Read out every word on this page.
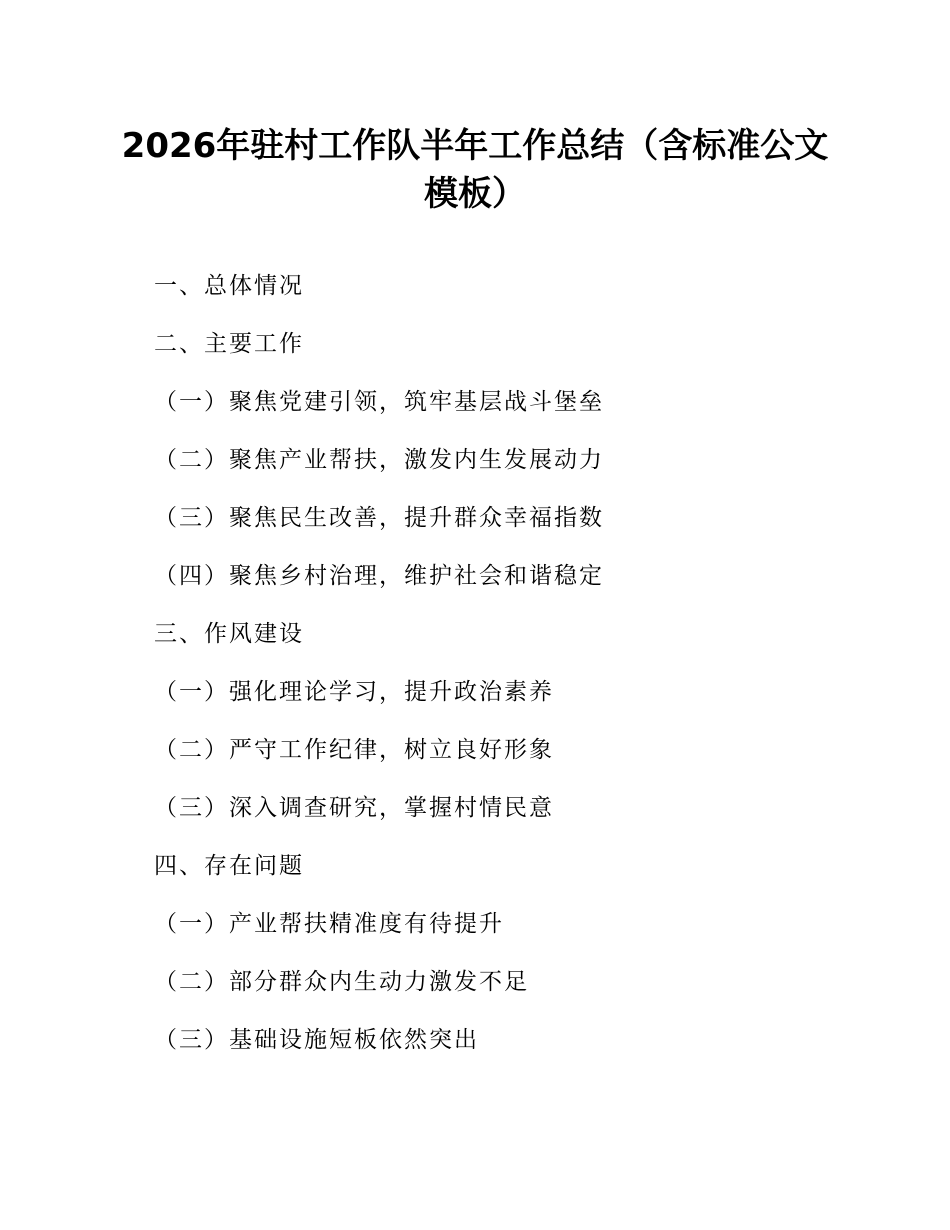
2026年驻村工作队半年工作总结（含标准公文模板）
一、总体情况
二、主要工作
（一）聚焦党建引领，筑牢基层战斗堡垒
（二）聚焦产业帮扶，激发内生发展动力
（三）聚焦民生改善，提升群众幸福指数
（四）聚焦乡村治理，维护社会和谐稳定
三、作风建设
（一）强化理论学习，提升政治素养
（二）严守工作纪律，树立良好形象
（三）深入调查研究，掌握村情民意
四、存在问题
（一）产业帮扶精准度有待提升
（二）部分群众内生动力激发不足
（三）基础设施短板依然突出
